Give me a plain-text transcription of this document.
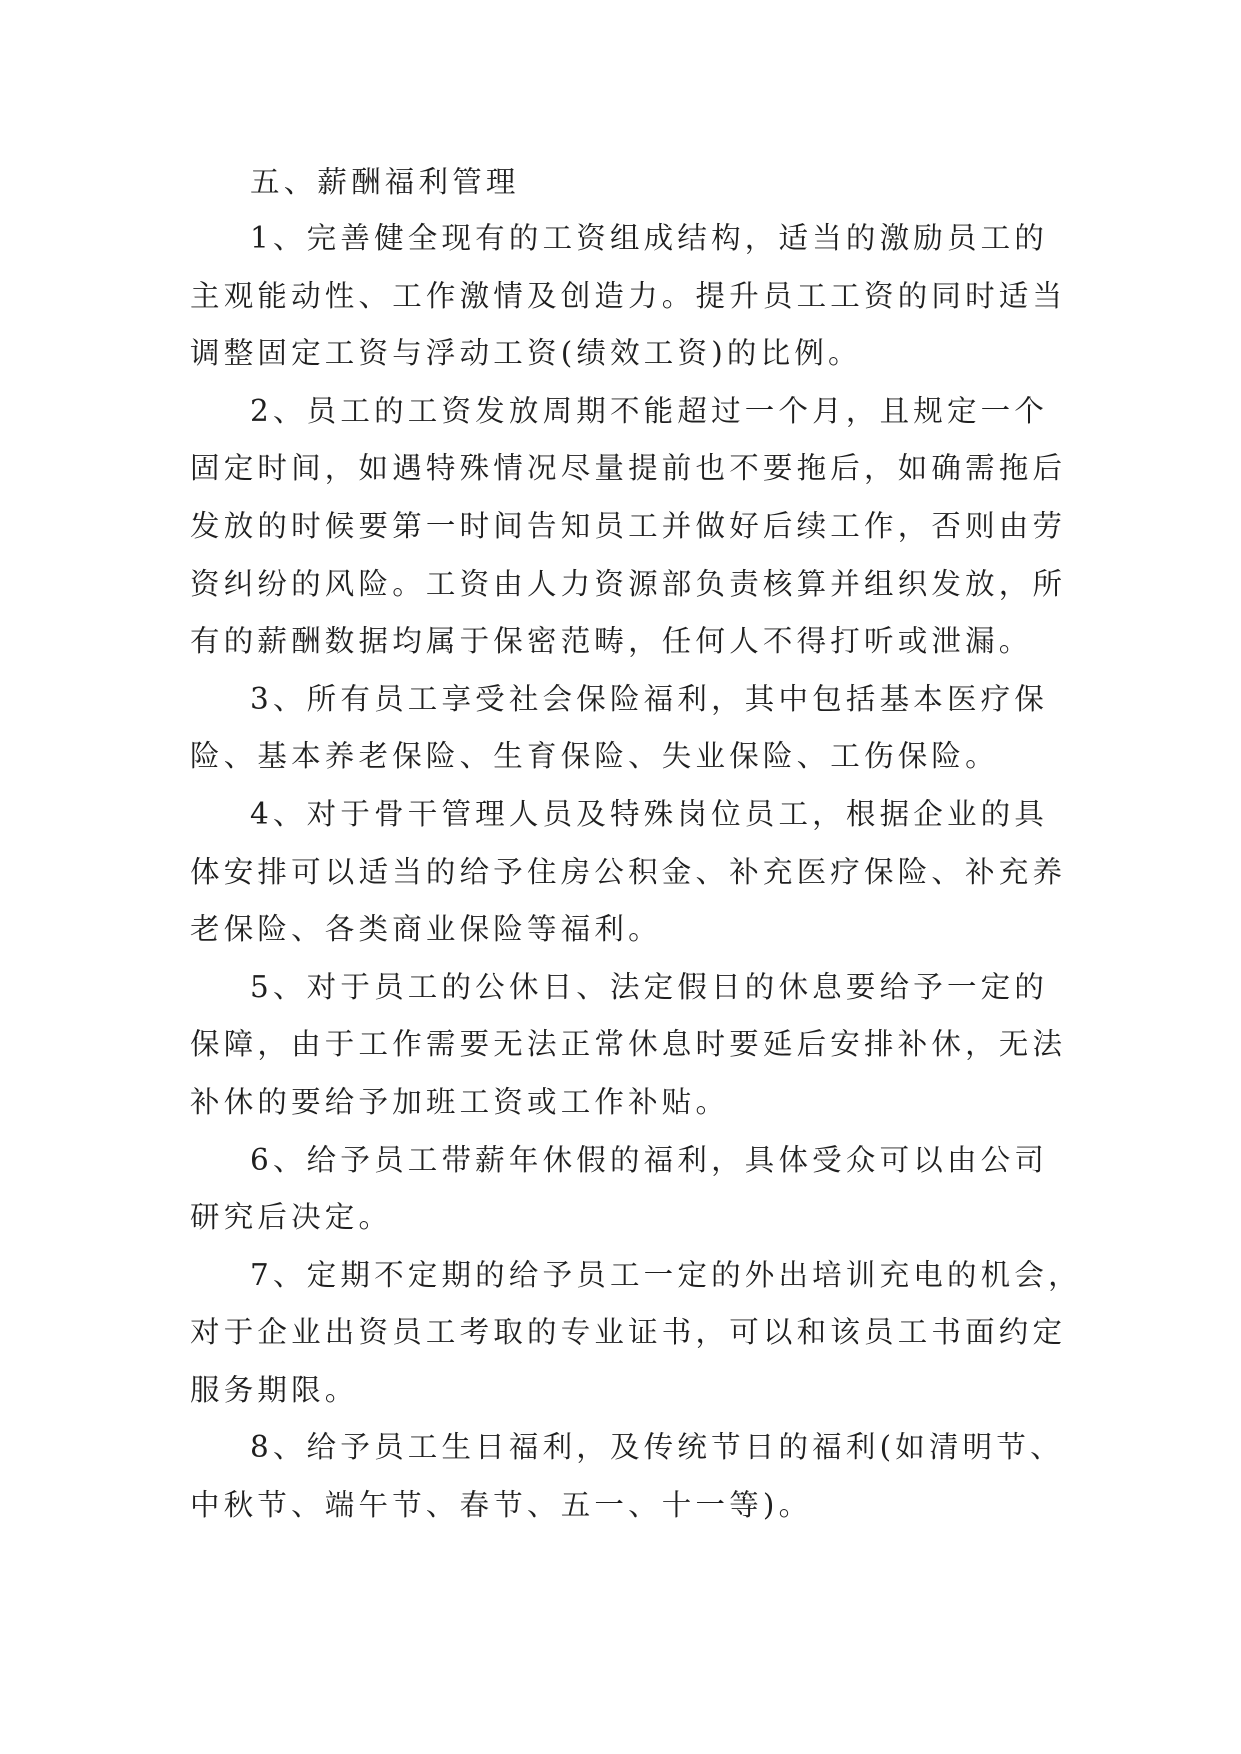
五、薪酬福利管理

1、完善健全现有的工资组成结构，适当的激励员工的
主观能动性、工作激情及创造力。提升员工工资的同时适当
调整固定工资与浮动工资(绩效工资)的比例。

2、员工的工资发放周期不能超过一个月，且规定一个
固定时间，如遇特殊情况尽量提前也不要拖后，如确需拖后
发放的时候要第一时间告知员工并做好后续工作，否则由劳
资纠纷的风险。工资由人力资源部负责核算并组织发放，所
有的薪酬数据均属于保密范畴，任何人不得打听或泄漏。

3、所有员工享受社会保险福利，其中包括基本医疗保
险、基本养老保险、生育保险、失业保险、工伤保险。

4、对于骨干管理人员及特殊岗位员工，根据企业的具
体安排可以适当的给予住房公积金、补充医疗保险、补充养
老保险、各类商业保险等福利。

5、对于员工的公休日、法定假日的休息要给予一定的
保障，由于工作需要无法正常休息时要延后安排补休，无法
补休的要给予加班工资或工作补贴。

6、给予员工带薪年休假的福利，具体受众可以由公司
研究后决定。

7、定期不定期的给予员工一定的外出培训充电的机会，
对于企业出资员工考取的专业证书，可以和该员工书面约定
服务期限。

8、给予员工生日福利，及传统节日的福利(如清明节、
中秋节、端午节、春节、五一、十一等)。
